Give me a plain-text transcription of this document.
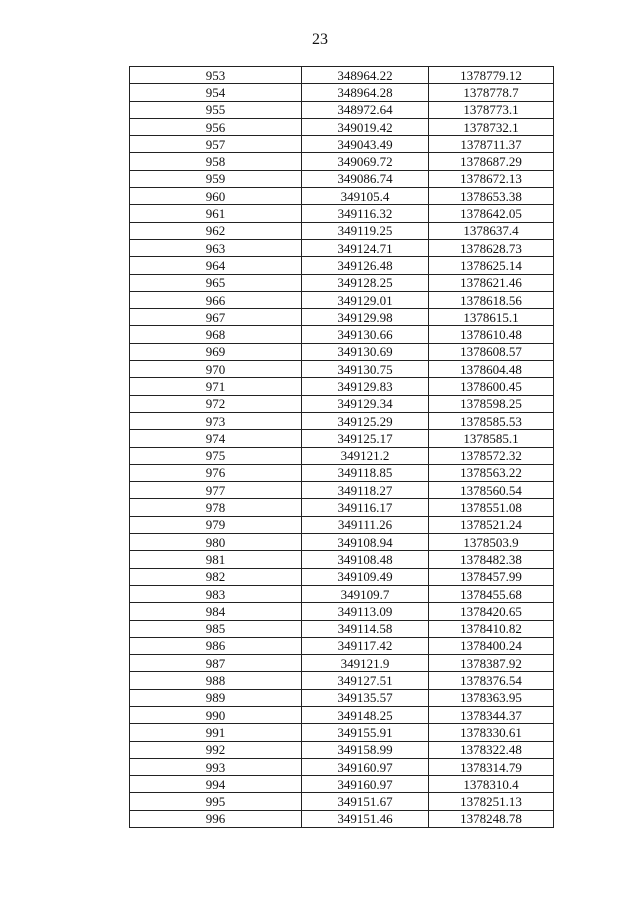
23
953	348964.22	1378779.12
954	348964.28	1378778.7
955	348972.64	1378773.1
956	349019.42	1378732.1
957	349043.49	1378711.37
958	349069.72	1378687.29
959	349086.74	1378672.13
960	349105.4	1378653.38
961	349116.32	1378642.05
962	349119.25	1378637.4
963	349124.71	1378628.73
964	349126.48	1378625.14
965	349128.25	1378621.46
966	349129.01	1378618.56
967	349129.98	1378615.1
968	349130.66	1378610.48
969	349130.69	1378608.57
970	349130.75	1378604.48
971	349129.83	1378600.45
972	349129.34	1378598.25
973	349125.29	1378585.53
974	349125.17	1378585.1
975	349121.2	1378572.32
976	349118.85	1378563.22
977	349118.27	1378560.54
978	349116.17	1378551.08
979	349111.26	1378521.24
980	349108.94	1378503.9
981	349108.48	1378482.38
982	349109.49	1378457.99
983	349109.7	1378455.68
984	349113.09	1378420.65
985	349114.58	1378410.82
986	349117.42	1378400.24
987	349121.9	1378387.92
988	349127.51	1378376.54
989	349135.57	1378363.95
990	349148.25	1378344.37
991	349155.91	1378330.61
992	349158.99	1378322.48
993	349160.97	1378314.79
994	349160.97	1378310.4
995	349151.67	1378251.13
996	349151.46	1378248.78
